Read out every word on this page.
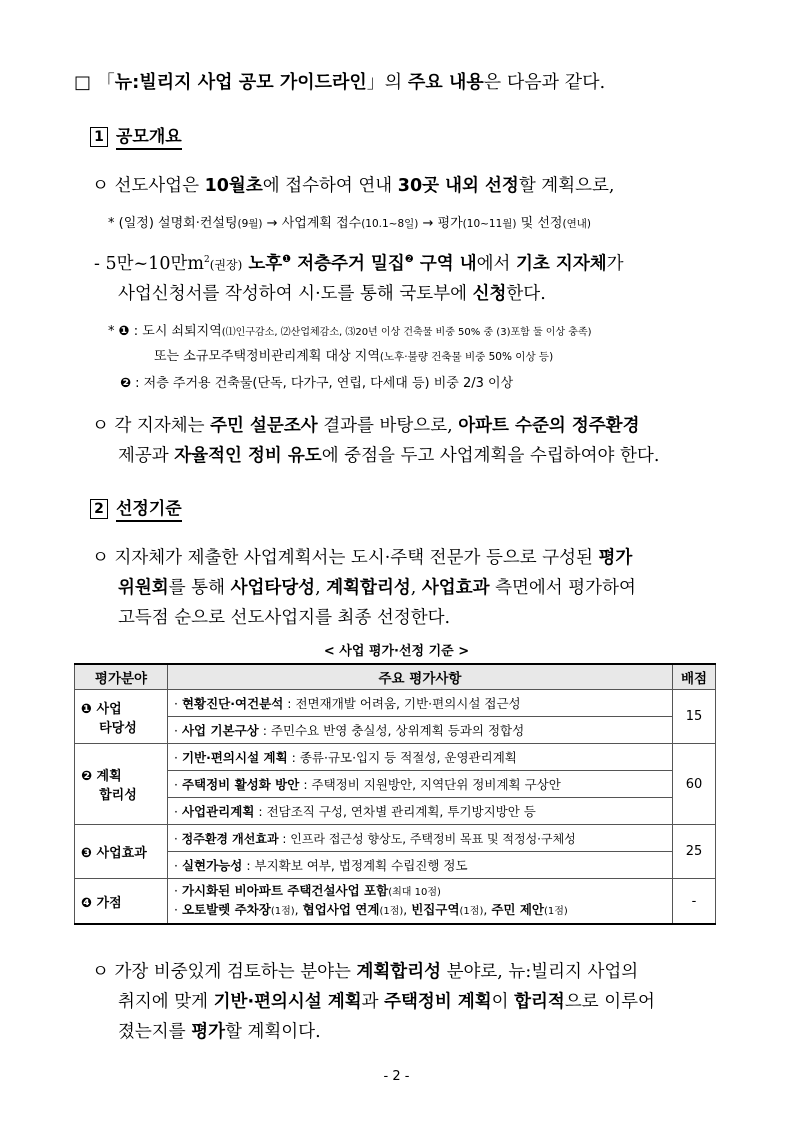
□ 「뉴:빌리지 사업 공모 가이드라인」의 주요 내용은 다음과 같다.
1 공모개요
ㅇ 선도사업은 10월초에 접수하여 연내 30곳 내외 선정할 계획으로,
* (일정) 설명회·컨설팅(9월) → 사업계획 접수(10.1~8일) → 평가(10~11월) 및 선정(연내)
- 5만~10만$m^2$(권장) 노후$^❶$ 저층주거 밀집$^❷$ 구역 내에서 기초 지자체가
사업신청서를 작성하여 시·도를 통해 국토부에 신청한다.
* ❶ : 도시 쇠퇴지역(⑴인구감소, ⑵산업체감소, ⑶20년 이상 건축물 비중 50% 중 (3)포함 둘 이상 충족)
또는 소규모주택정비관리계획 대상 지역(노후·불량 건축물 비중 50% 이상 등)
❷ : 저층 주거용 건축물(단독, 다가구, 연립, 다세대 등) 비중 2/3 이상
ㅇ 각 지자체는 주민 설문조사 결과를 바탕으로, 아파트 수준의 정주환경
제공과 자율적인 정비 유도에 중점을 두고 사업계획을 수립하여야 한다.
2 선정기준
ㅇ 지자체가 제출한 사업계획서는 도시·주택 전문가 등으로 구성된 평가
위원회를 통해 사업타당성, 계획합리성, 사업효과 측면에서 평가하여
고득점 순으로 선도사업지를 최종 선정한다.
< 사업 평가·선정 기준 >
평가분야	주요 평가사항	배점
❶ 사업
타당성	· 현황진단·여건분석 : 전면재개발 어려움, 기반·편의시설 접근성	15
	· 사업 기본구상 : 주민수요 반영 충실성, 상위계획 등과의 정합성	
❷ 계획
합리성	· 기반·편의시설 계획 : 종류·규모·입지 등 적절성, 운영관리계획	60
	· 주택정비 활성화 방안 : 주택정비 지원방안, 지역단위 정비계획 구상안	
	· 사업관리계획 : 전담조직 구성, 연차별 관리계획, 투기방지방안 등	
❸ 사업효과	· 정주환경 개선효과 : 인프라 접근성 향상도, 주택정비 목표 및 적정성·구체성	25
	· 실현가능성 : 부지확보 여부, 법정계획 수립진행 정도	
❹ 가점	· 가시화된 비아파트 주택건설사업 포함(최대 10점)
· 오토발렛 주차장(1점), 협업사업 연계(1점), 빈집구역(1점), 주민 제안(1점)	-
ㅇ 가장 비중있게 검토하는 분야는 계획합리성 분야로, 뉴:빌리지 사업의
취지에 맞게 기반·편의시설 계획과 주택정비 계획이 합리적으로 이루어
졌는지를 평가할 계획이다.
- 2 -
